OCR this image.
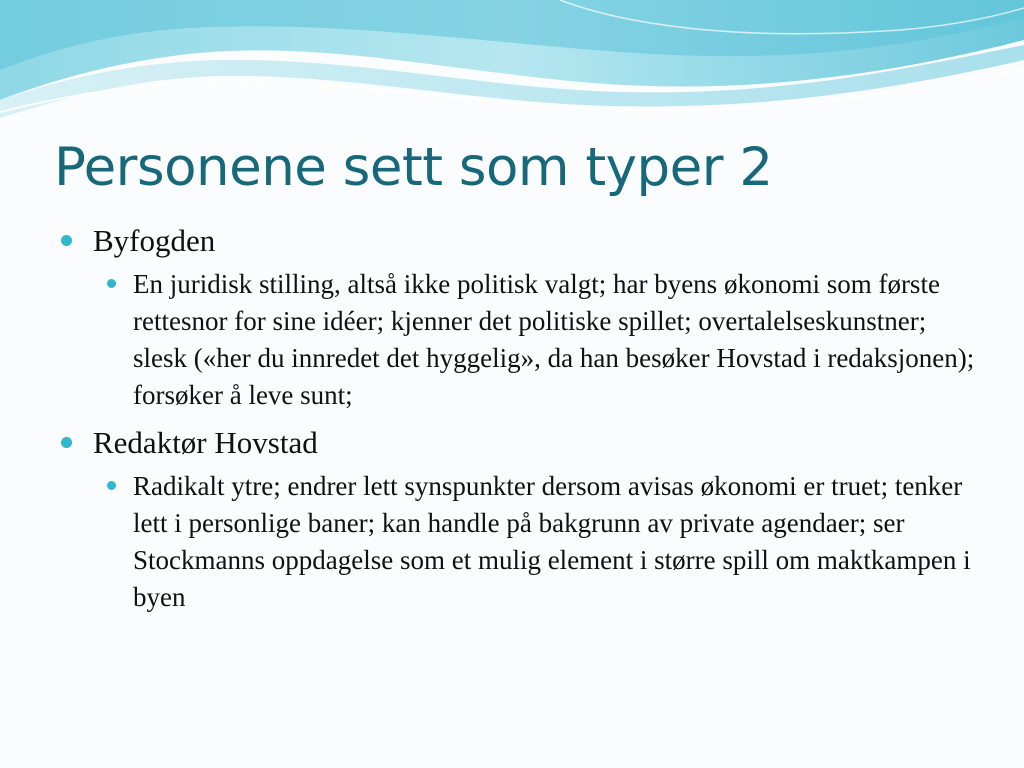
Personene sett som typer 2
Byfogden
En juridisk stilling, altså ikke politisk valgt; har byens økonomi som første rettesnor for sine idéer; kjenner det politiske spillet; overtalelseskunstner; slesk («her du innredet det hyggelig», da han besøker Hovstad i redaksjonen); forsøker å leve sunt;
Redaktør Hovstad
Radikalt ytre; endrer lett synspunkter dersom avisas økonomi er truet; tenker lett i personlige baner; kan handle på bakgrunn av private agendaer; ser Stockmanns oppdagelse som et mulig element i større spill om maktkampen i byen
